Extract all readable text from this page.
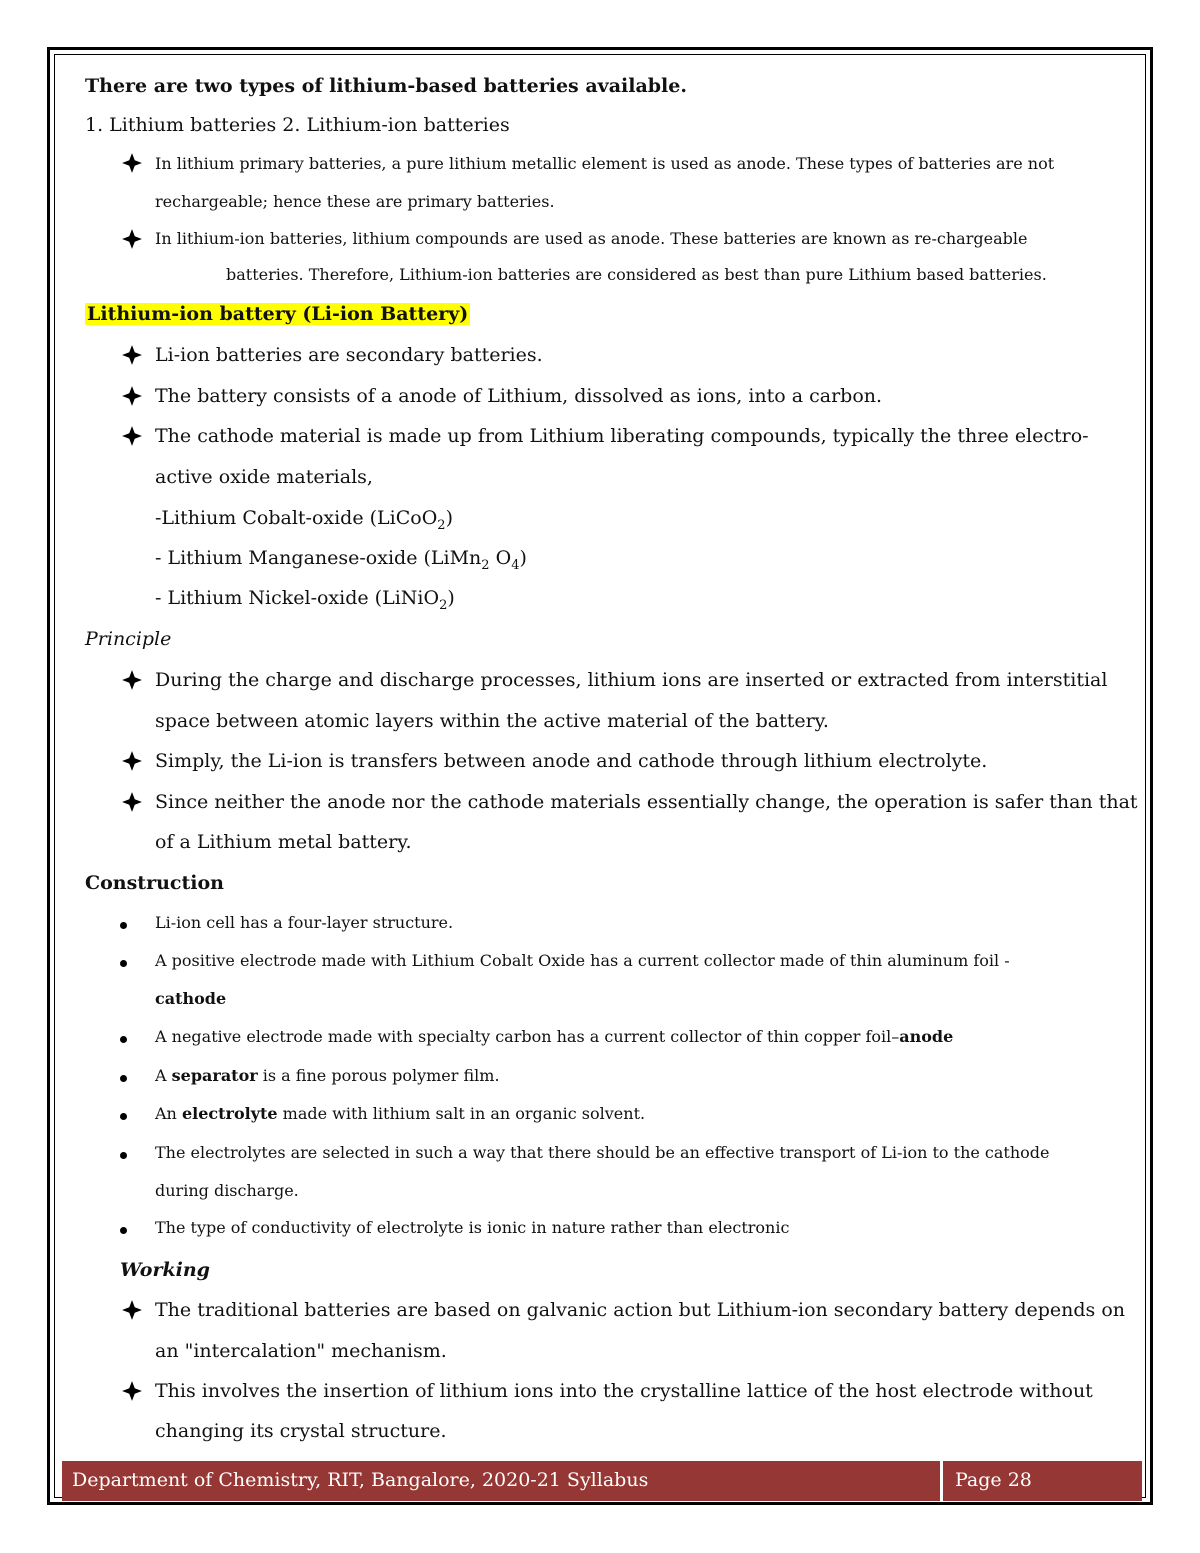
There are two types of lithium-based batteries available.
1. Lithium batteries 2. Lithium-ion batteries
In lithium primary batteries, a pure lithium metallic element is used as anode. These types of batteries are not
rechargeable; hence these are primary batteries.
In lithium-ion batteries, lithium compounds are used as anode. These batteries are known as re-chargeable
batteries. Therefore, Lithium-ion batteries are considered as best than pure Lithium based batteries.
Lithium-ion battery (Li-ion Battery)
Li-ion batteries are secondary batteries.
The battery consists of a anode of Lithium, dissolved as ions, into a carbon.
The cathode material is made up from Lithium liberating compounds, typically the three electro-
active oxide materials,
-Lithium Cobalt-oxide (LiCoO$_2$)
- Lithium Manganese-oxide (LiMn$_2$ $O_4$)
- Lithium Nickel-oxide (LiNiO$_2$)
Principle
During the charge and discharge processes, lithium ions are inserted or extracted from interstitial
space between atomic layers within the active material of the battery.
Simply, the Li-ion is transfers between anode and cathode through lithium electrolyte.
Since neither the anode nor the cathode materials essentially change, the operation is safer than that
of a Lithium metal battery.
Construction
Li-ion cell has a four-layer structure.
A positive electrode made with Lithium Cobalt Oxide has a current collector made of thin aluminum foil -
cathode
A negative electrode made with specialty carbon has a current collector of thin copper foil–anode
A separator is a fine porous polymer film.
An electrolyte made with lithium salt in an organic solvent.
The electrolytes are selected in such a way that there should be an effective transport of Li-ion to the cathode
during discharge.
The type of conductivity of electrolyte is ionic in nature rather than electronic
Working
The traditional batteries are based on galvanic action but Lithium-ion secondary battery depends on
an "intercalation" mechanism.
This involves the insertion of lithium ions into the crystalline lattice of the host electrode without
changing its crystal structure.
Department of Chemistry, RIT, Bangalore, 2020-21 Syllabus	Page 28
